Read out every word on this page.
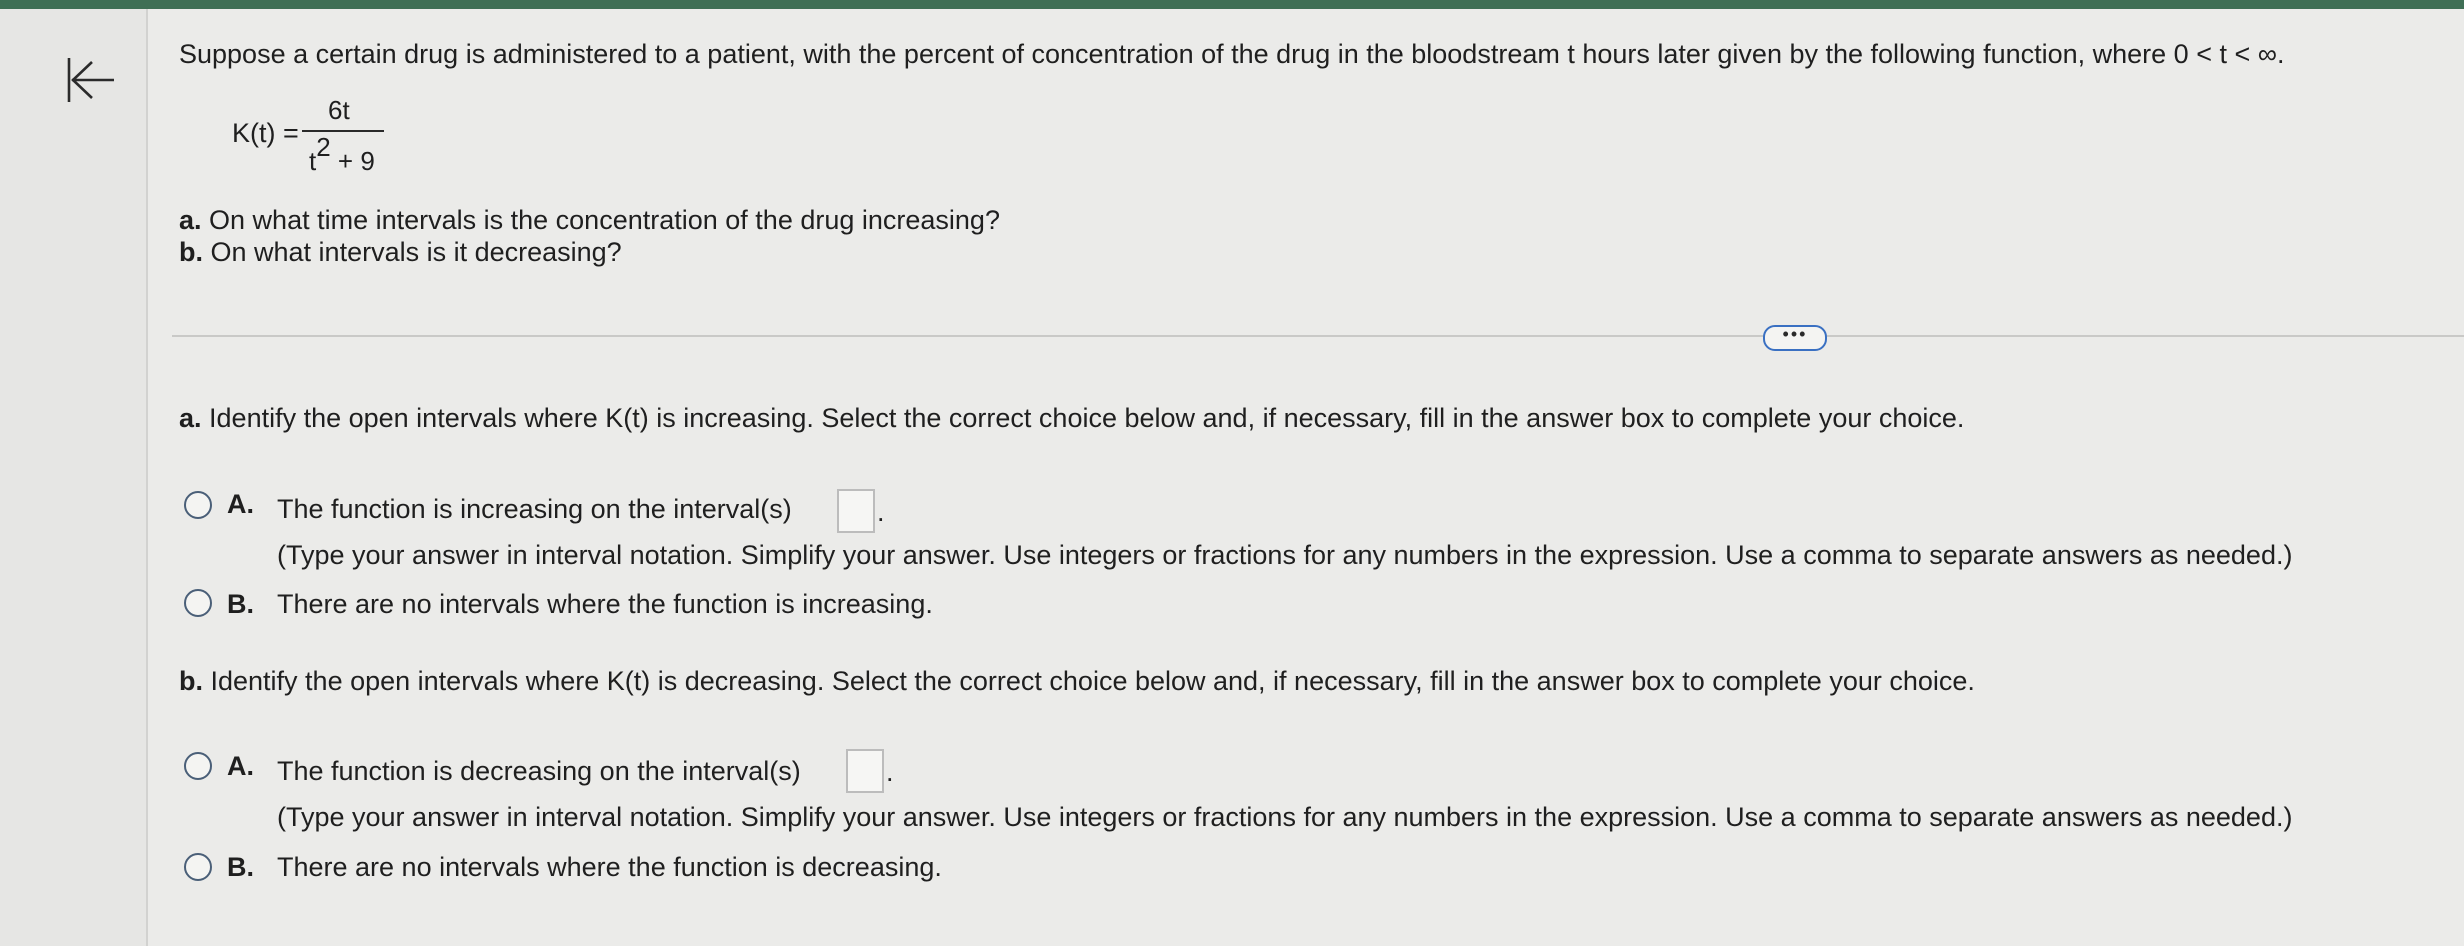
Suppose a certain drug is administered to a patient, with the percent of concentration of the drug in the bloodstream t hours later given by the following function, where 0 < t < ∞.
K(t) =
6t
t2 + 9
a. On what time intervals is the concentration of the drug increasing?
b. On what intervals is it decreasing?
•••
a. Identify the open intervals where K(t) is increasing. Select the correct choice below and, if necessary, fill in the answer box to complete your choice.
A. The function is increasing on the interval(s)	.
(Type your answer in interval notation. Simplify your answer. Use integers or fractions for any numbers in the expression. Use a comma to separate answers as needed.)
B. There are no intervals where the function is increasing.
b. Identify the open intervals where K(t) is decreasing. Select the correct choice below and, if necessary, fill in the answer box to complete your choice.
A. The function is decreasing on the interval(s)	.
(Type your answer in interval notation. Simplify your answer. Use integers or fractions for any numbers in the expression. Use a comma to separate answers as needed.)
B. There are no intervals where the function is decreasing.
